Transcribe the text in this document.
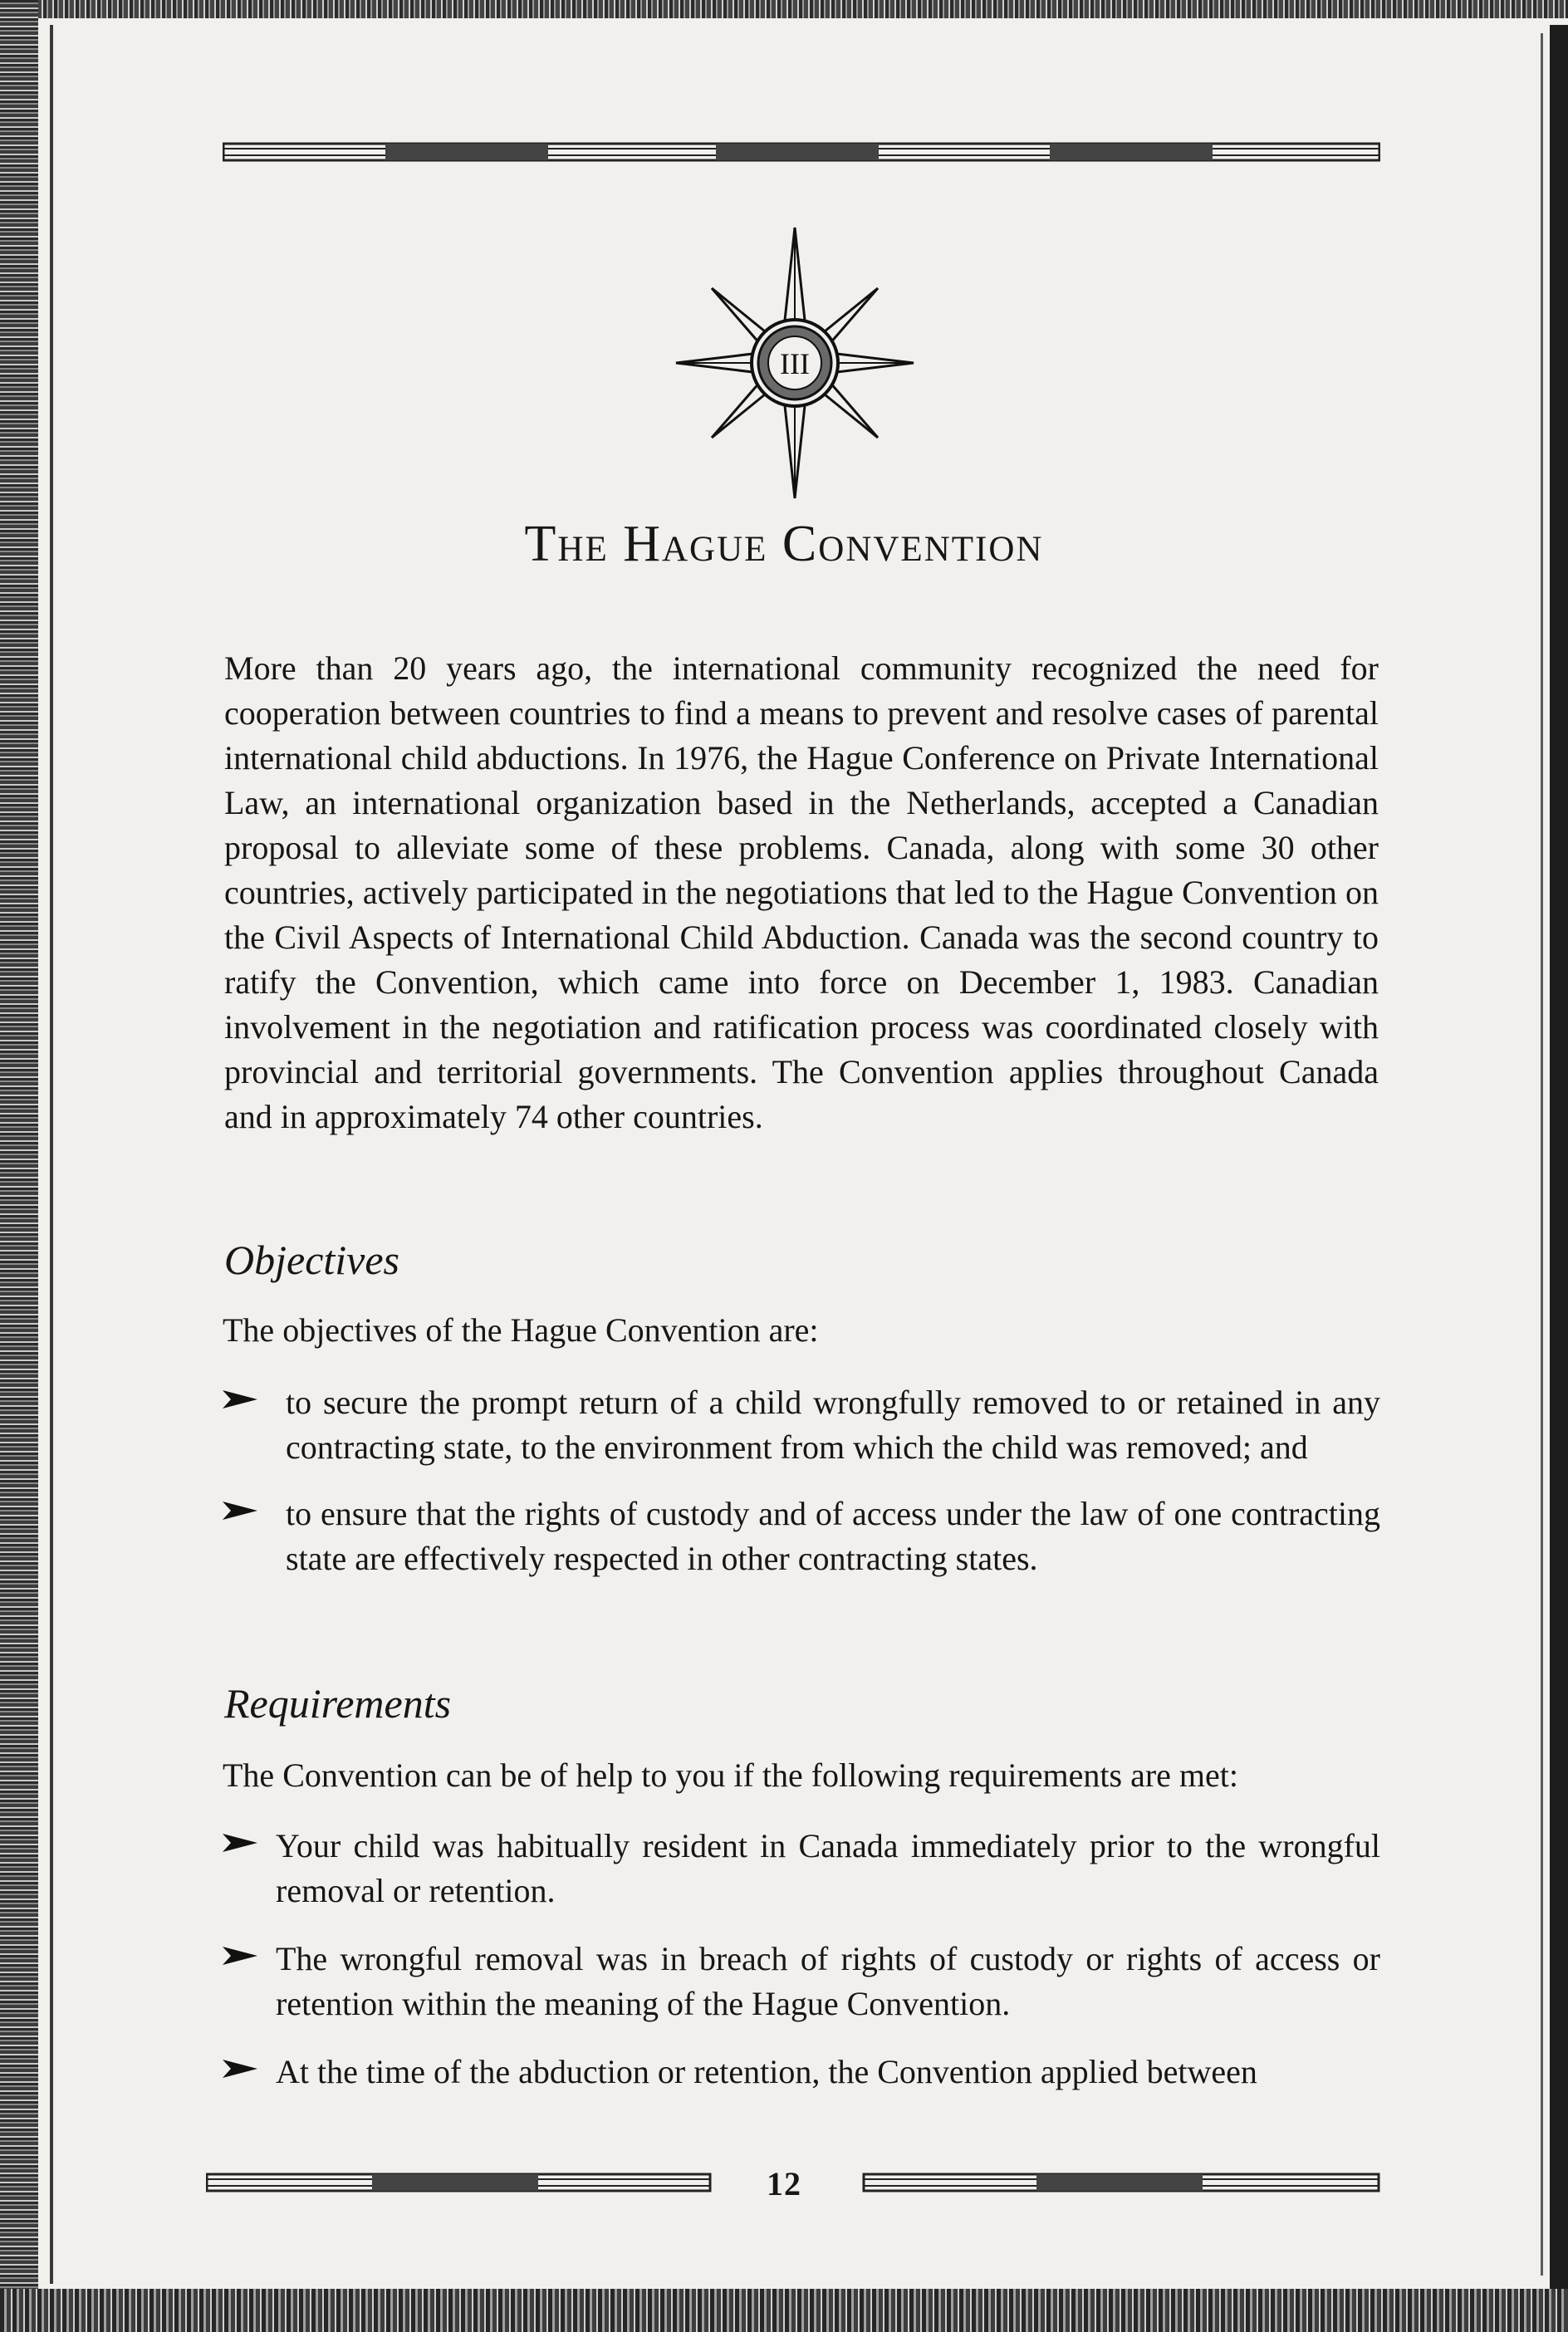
III
The Hague Convention

More than 20 years ago, the international community recognized the need for cooperation between countries to find a means to prevent and resolve cases of parental international child abductions. In 1976, the Hague Conference on Private International Law, an international organization based in the Netherlands, accepted a Canadian proposal to alleviate some of these problems. Canada, along with some 30 other countries, actively participated in the negotiations that led to the Hague Convention on the Civil Aspects of International Child Abduction. Canada was the second country to ratify the Convention, which came into force on December 1, 1983. Canadian involvement in the negotiation and ratification process was coordinated closely with provincial and territorial governments. The Convention applies throughout Canada and in approximately 74 other countries.

Objectives

The objectives of the Hague Convention are:

to secure the prompt return of a child wrongfully removed to or retained in any contracting state, to the environment from which the child was removed; and
to ensure that the rights of custody and of access under the law of one contracting state are effectively respected in other contracting states.
Requirements

The Convention can be of help to you if the following requirements are met:

Your child was habitually resident in Canada immediately prior to the wrongful removal or retention.
The wrongful removal was in breach of rights of custody or rights of access or retention within the meaning of the Hague Convention.
At the time of the abduction or retention, the Convention applied between

12
